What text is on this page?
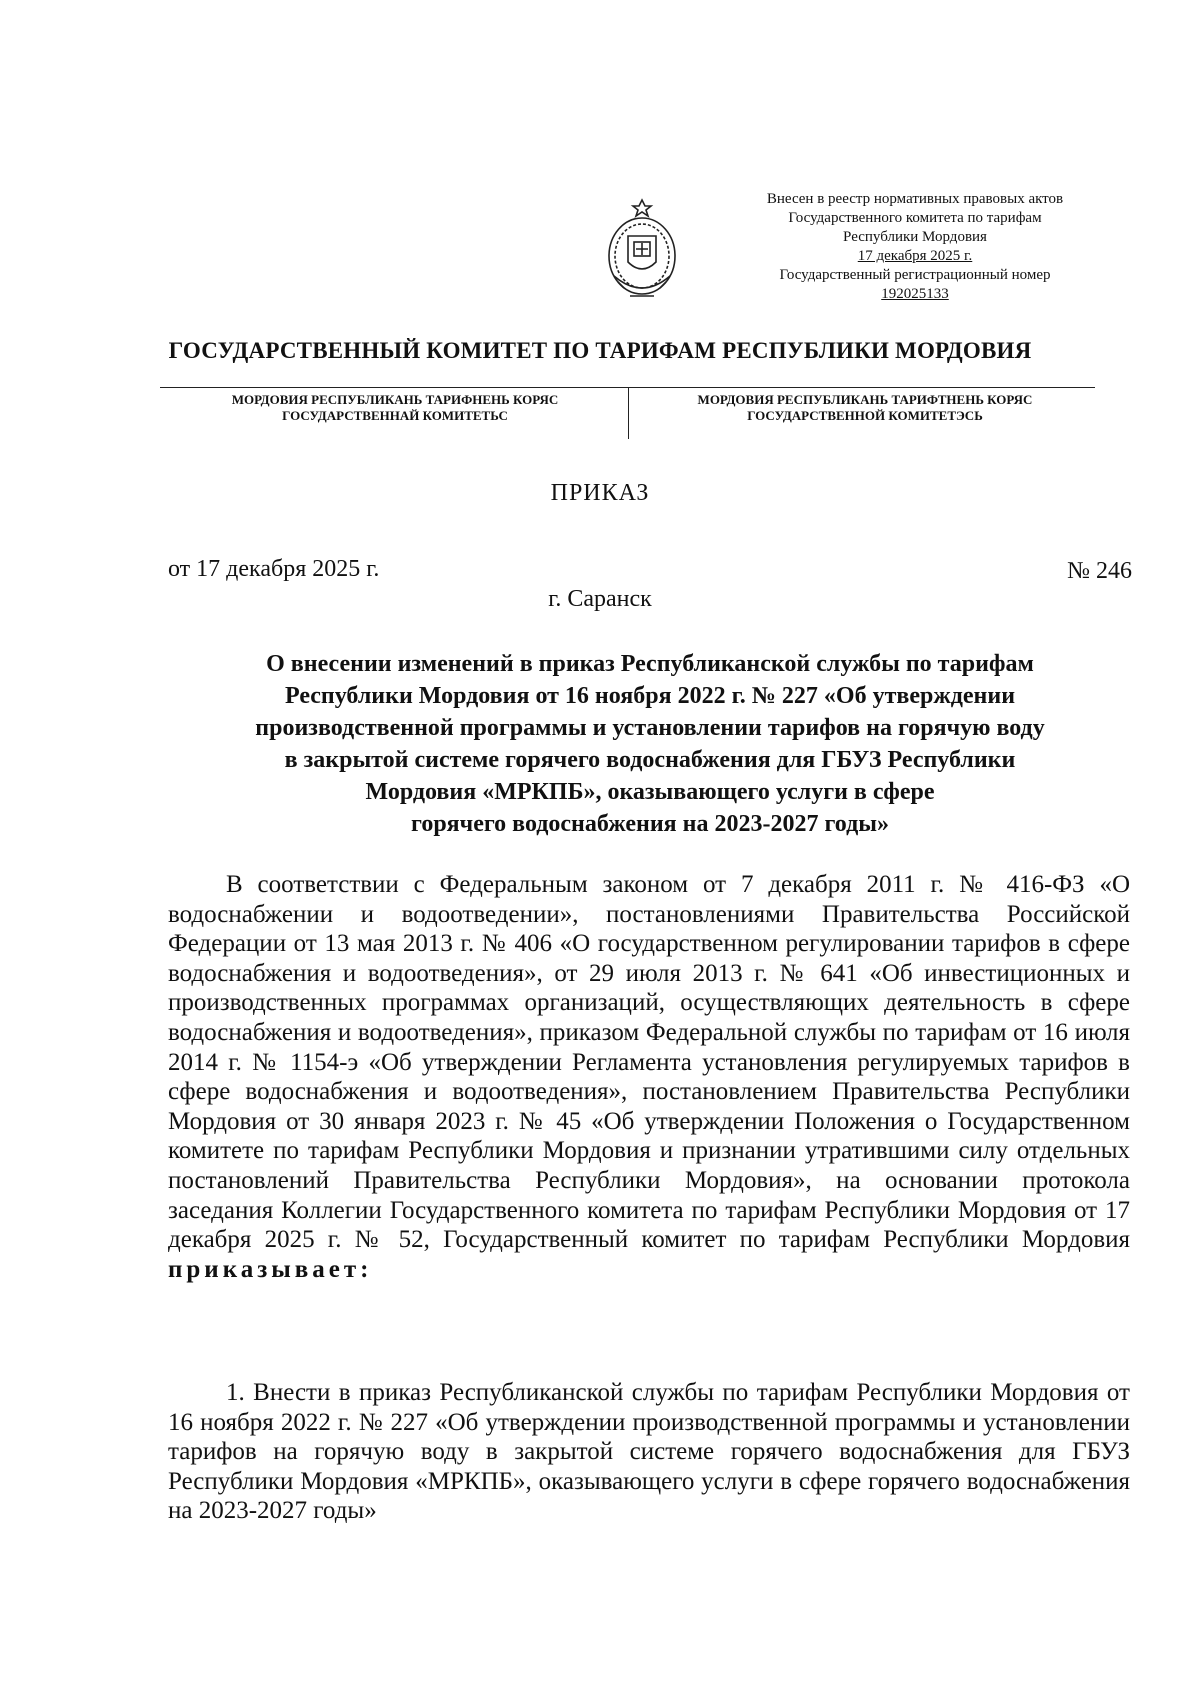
Внесен в реестр нормативных правовых актов
Государственного комитета по тарифам
Республики Мордовия
17 декабря 2025 г.
Государственный регистрационный номер
192025133
ГОСУДАРСТВЕННЫЙ КОМИТЕТ ПО ТАРИФАМ РЕСПУБЛИКИ МОРДОВИЯ
МОРДОВИЯ РЕСПУБЛИКАНЬ ТАРИФНЕНЬ КОРЯС
ГОСУДАРСТВЕННАЙ КОМИТЕТЬС
МОРДОВИЯ РЕСПУБЛИКАНЬ ТАРИФТНЕНЬ КОРЯС
ГОСУДАРСТВЕННОЙ КОМИТЕТЭСЬ
ПРИКАЗ
от 17 декабря 2025 г.	№ 246
г. Саранск
О внесении изменений в приказ Республиканской службы по тарифам
Республики Мордовия от 16 ноября 2022 г. № 227 «Об утверждении
производственной программы и установлении тарифов на горячую воду
в закрытой системе горячего водоснабжения для ГБУЗ Республики
Мордовия «МРКПБ», оказывающего услуги в сфере
горячего водоснабжения на 2023-2027 годы»

В соответствии с Федеральным законом от 7 декабря 2011 г. № 416-ФЗ «О водоснабжении и водоотведении», постановлениями Правительства Российской Федерации от 13 мая 2013 г. № 406 «О государственном регулировании тарифов в сфере водоснабжения и водоотведения», от 29 июля 2013 г. № 641 «Об инвестиционных и производственных программах организаций, осуществляющих деятельность в сфере водоснабжения и водоотведения», приказом Федеральной службы по тарифам от 16 июля 2014 г. № 1154-э «Об утверждении Регламента установления регулируемых тарифов в сфере водоснабжения и водоотведения», постановлением Правительства Республики Мордовия от 30 января 2023 г. № 45 «Об утверждении Положения о Государственном комитете по тарифам Республики Мордовия и признании утратившими силу отдельных постановлений Правительства Республики Мордовия», на основании протокола заседания Коллегии Государственного комитета по тарифам Республики Мордовия от 17 декабря 2025 г. № 52, Государственный комитет по тарифам Республики Мордовия приказывает:

1. Внести в приказ Республиканской службы по тарифам Республики Мордовия от 16 ноября 2022 г. № 227 «Об утверждении производственной программы и установлении тарифов на горячую воду в закрытой системе горячего водоснабжения для ГБУЗ Республики Мордовия «МРКПБ», оказывающего услуги в сфере горячего водоснабжения на 2023-2027 годы»
